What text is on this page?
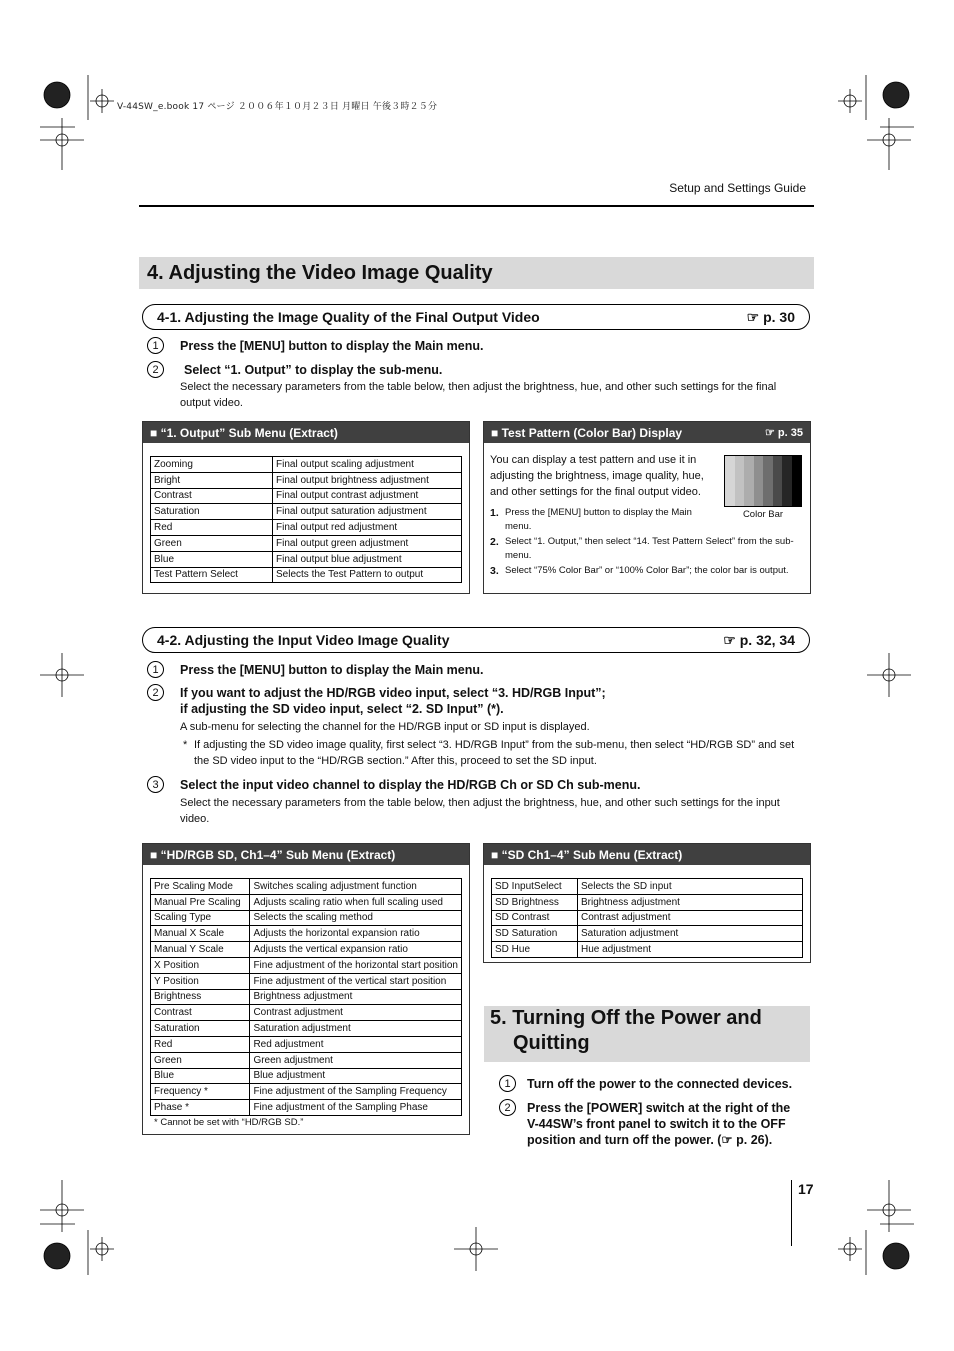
V-44SW_e.book 17 ページ ２００６年１０月２３日 月曜日 午後３時２５分
Setup and Settings Guide
4. Adjusting the Video Image Quality
4-1. Adjusting the Image Quality of the Final Output Video	☞ p. 30
1	Press the [MENU] button to display the Main menu.
2	Select “1. Output” to display the sub-menu.
Select the necessary parameters from the table below, then adjust the brightness, hue, and other such settings for the final output video.
■ “1. Output” Sub Menu (Extract)
Zooming	Final output scaling adjustment
Bright	Final output brightness adjustment
Contrast	Final output contrast adjustment
Saturation	Final output saturation adjustment
Red	Final output red adjustment
Green	Final output green adjustment
Blue	Final output blue adjustment
Test Pattern Select	Selects the Test Pattern to output
■ Test Pattern (Color Bar) Display	☞ p. 35
You can display a test pattern and use it in adjusting the brightness, image quality, hue, and other settings for the final output video.
Color Bar
1. Press the [MENU] button to display the Main menu.
2. Select “1. Output,” then select “14. Test Pattern Select” from the sub-menu.
3. Select “75% Color Bar” or “100% Color Bar”; the color bar is output.
4-2. Adjusting the Input Video Image Quality	☞ p. 32, 34
1	Press the [MENU] button to display the Main menu.
2	If you want to adjust the HD/RGB video input, select “3. HD/RGB Input”;
if adjusting the SD video input, select “2. SD Input” (*).
A sub-menu for selecting the channel for the HD/RGB input or SD input is displayed.
* If adjusting the SD video image quality, first select “3. HD/RGB Input” from the sub-menu, then select “HD/RGB SD” and set the SD video input to the “HD/RGB section.” After this, proceed to set the SD input.
3	Select the input video channel to display the HD/RGB Ch or SD Ch sub-menu.
Select the necessary parameters from the table below, then adjust the brightness, hue, and other such settings for the input video.
■ “HD/RGB SD, Ch1–4” Sub Menu (Extract)
Pre Scaling Mode	Switches scaling adjustment function
Manual Pre Scaling	Adjusts scaling ratio when full scaling used
Scaling Type	Selects the scaling method
Manual X Scale	Adjusts the horizontal expansion ratio
Manual Y Scale	Adjusts the vertical expansion ratio
X Position	Fine adjustment of the horizontal start position
Y Position	Fine adjustment of the vertical start position
Brightness	Brightness adjustment
Contrast	Contrast adjustment
Saturation	Saturation adjustment
Red	Red adjustment
Green	Green adjustment
Blue	Blue adjustment
Frequency *	Fine adjustment of the Sampling Frequency
Phase *	Fine adjustment of the Sampling Phase
* Cannot be set with “HD/RGB SD.”
■ “SD Ch1–4” Sub Menu (Extract)
SD InputSelect	Selects the SD input
SD Brightness	Brightness adjustment
SD Contrast	Contrast adjustment
SD Saturation	Saturation adjustment
SD Hue	Hue adjustment
5. Turning Off the Power and
Quitting
1	Turn off the power to the connected devices.
2	Press the [POWER] switch at the right of the
V-44SW’s front panel to switch it to the OFF
position and turn off the power. (☞ p. 26).
17
